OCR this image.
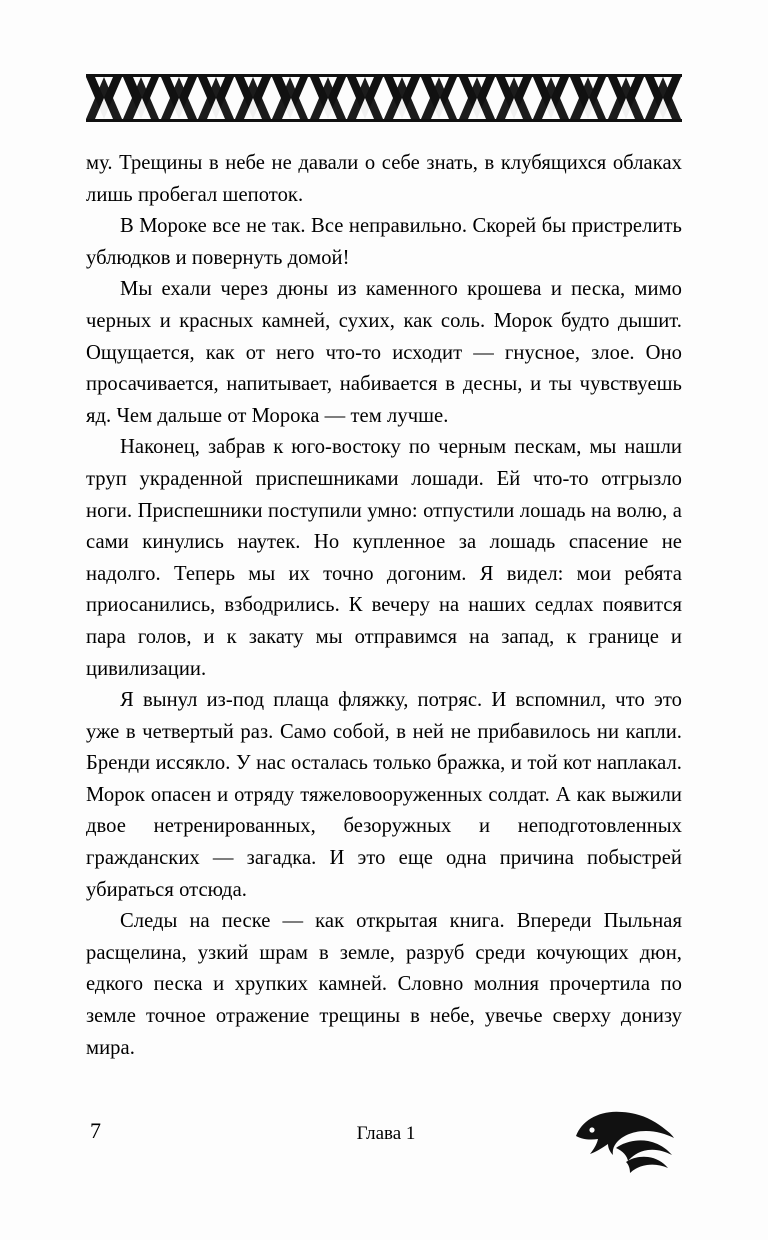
му. Трещины в небе не давали о себе знать, в клубящихся облаках лишь пробегал шепоток.

В Мороке все не так. Все неправильно. Скорей бы пристрелить ублюдков и повернуть домой!

Мы ехали через дюны из каменного крошева и песка, мимо черных и красных камней, сухих, как соль. Морок будто дышит. Ощущается, как от него что-то исходит — гнусное, злое. Оно просачивается, напитывает, набивается в десны, и ты чувствуешь яд. Чем дальше от Морока — тем лучше.

Наконец, забрав к юго-востоку по черным пескам, мы нашли труп украденной приспешниками лошади. Ей что-то отгрызло ноги. Приспешники поступили умно: отпустили лошадь на волю, а сами кинулись наутек. Но купленное за лошадь спасение не надолго. Теперь мы их точно догоним. Я видел: мои ребята приосанились, взбодрились. К вечеру на наших седлах появится пара голов, и к закату мы отправимся на запад, к границе и цивилизации.

Я вынул из-под плаща фляжку, потряс. И вспомнил, что это уже в четвертый раз. Само собой, в ней не прибавилось ни капли. Бренди иссякло. У нас осталась только бражка, и той кот наплакал. Морок опасен и отряду тяжеловооруженных солдат. А как выжили двое нетренированных, безоружных и неподготовленных гражданских — загадка. И это еще одна причина побыстрей убираться отсюда.

Следы на песке — как открытая книга. Впереди Пыльная расщелина, узкий шрам в земле, разруб среди кочующих дюн, едкого песка и хрупких камней. Словно молния прочертила по земле точное отражение трещины в небе, увечье сверху донизу мира.

7	Глава 1
